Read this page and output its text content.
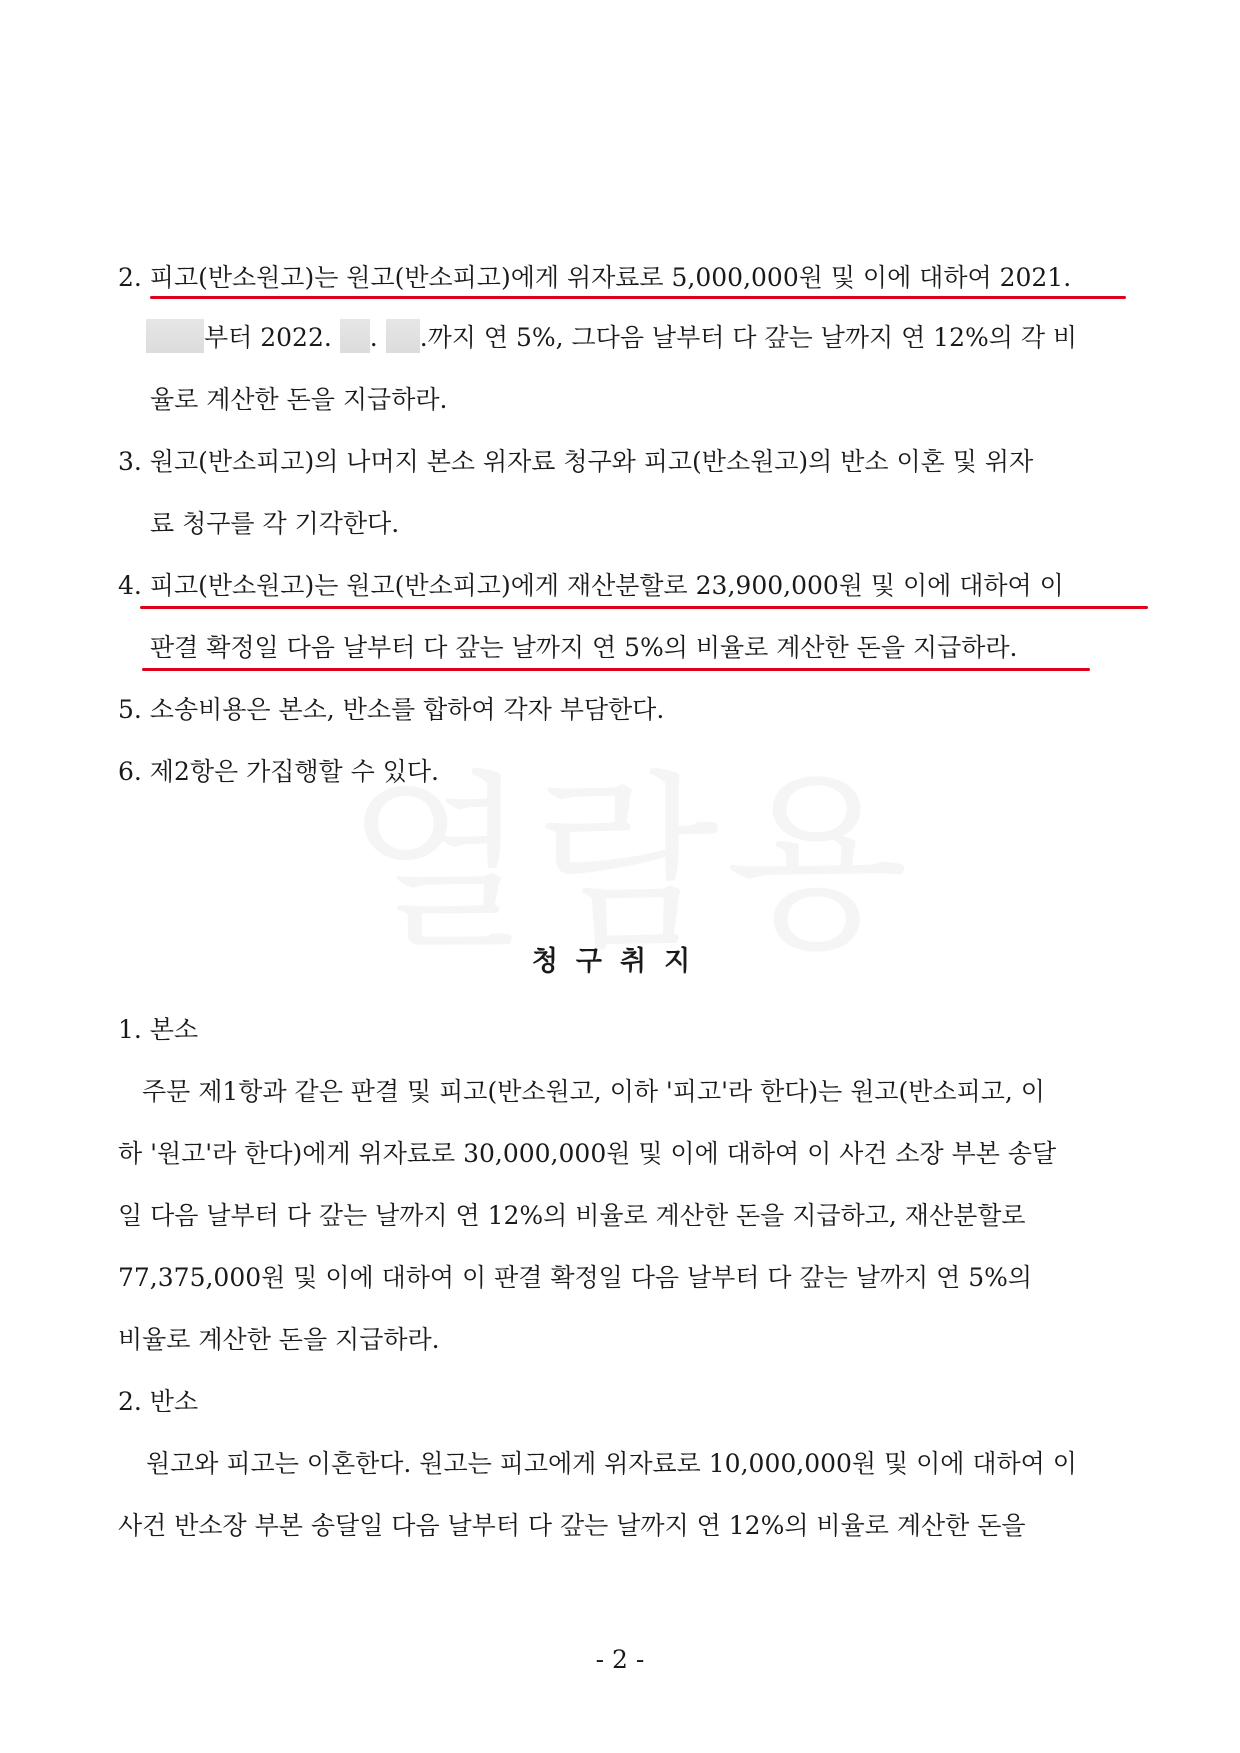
2. 피고(반소원고)는 원고(반소피고)에게 위자료로 5,000,000원 및 이에 대하여 2021.
부터 2022. . .까지 연 5%, 그다음 날부터 다 갚는 날까지 연 12%의 각 비
율로 계산한 돈을 지급하라.
3. 원고(반소피고)의 나머지 본소 위자료 청구와 피고(반소원고)의 반소 이혼 및 위자
료 청구를 각 기각한다.
4. 피고(반소원고)는 원고(반소피고)에게 재산분할로 23,900,000원 및 이에 대하여 이
판결 확정일 다음 날부터 다 갚는 날까지 연 5%의 비율로 계산한 돈을 지급하라.
5. 소송비용은 본소, 반소를 합하여 각자 부담한다.
6. 제2항은 가집행할 수 있다.
청구취지
1. 본소
주문 제1항과 같은 판결 및 피고(반소원고, 이하 '피고'라 한다)는 원고(반소피고, 이
하 '원고'라 한다)에게 위자료로 30,000,000원 및 이에 대하여 이 사건 소장 부본 송달
일 다음 날부터 다 갚는 날까지 연 12%의 비율로 계산한 돈을 지급하고, 재산분할로
77,375,000원 및 이에 대하여 이 판결 확정일 다음 날부터 다 갚는 날까지 연 5%의
비율로 계산한 돈을 지급하라.
2. 반소
원고와 피고는 이혼한다. 원고는 피고에게 위자료로 10,000,000원 및 이에 대하여 이
사건 반소장 부본 송달일 다음 날부터 다 갚는 날까지 연 12%의 비율로 계산한 돈을
- 2 -
